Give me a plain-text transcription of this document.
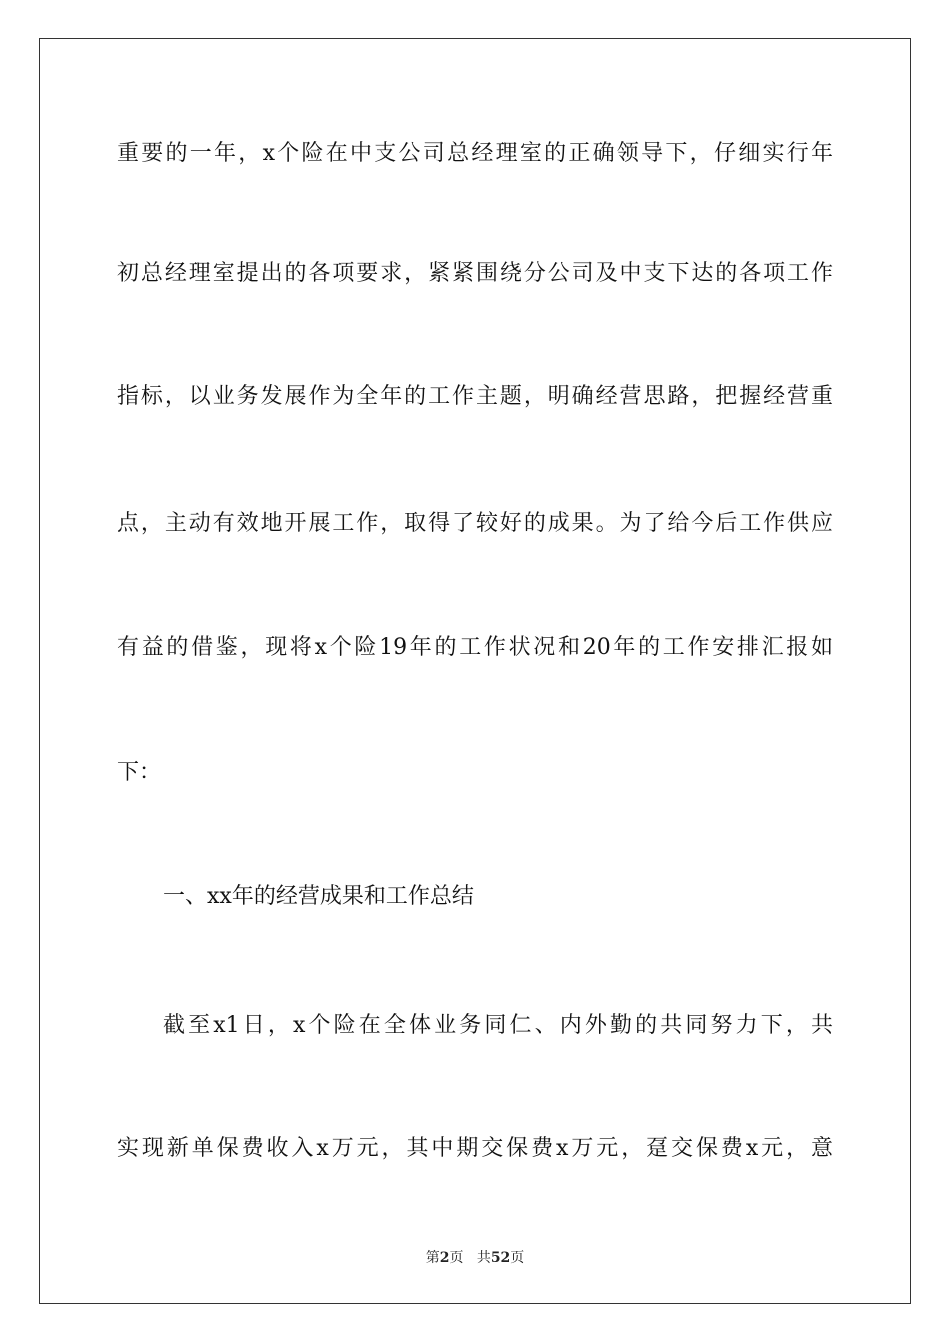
重要的一年，x个险在中支公司总经理室的正确领导下，仔细实行年
初总经理室提出的各项要求，紧紧围绕分公司及中支下达的各项工作
指标，以业务发展作为全年的工作主题，明确经营思路，把握经营重
点，主动有效地开展工作，取得了较好的成果。为了给今后工作供应
有益的借鉴，现将x个险19年的工作状况和20年的工作安排汇报如
下：
一、xx年的经营成果和工作总结
截至x1日，x个险在全体业务同仁、内外勤的共同努力下，共
实现新单保费收入x万元，其中期交保费x万元，趸交保费x元，意
第2页 共52页
